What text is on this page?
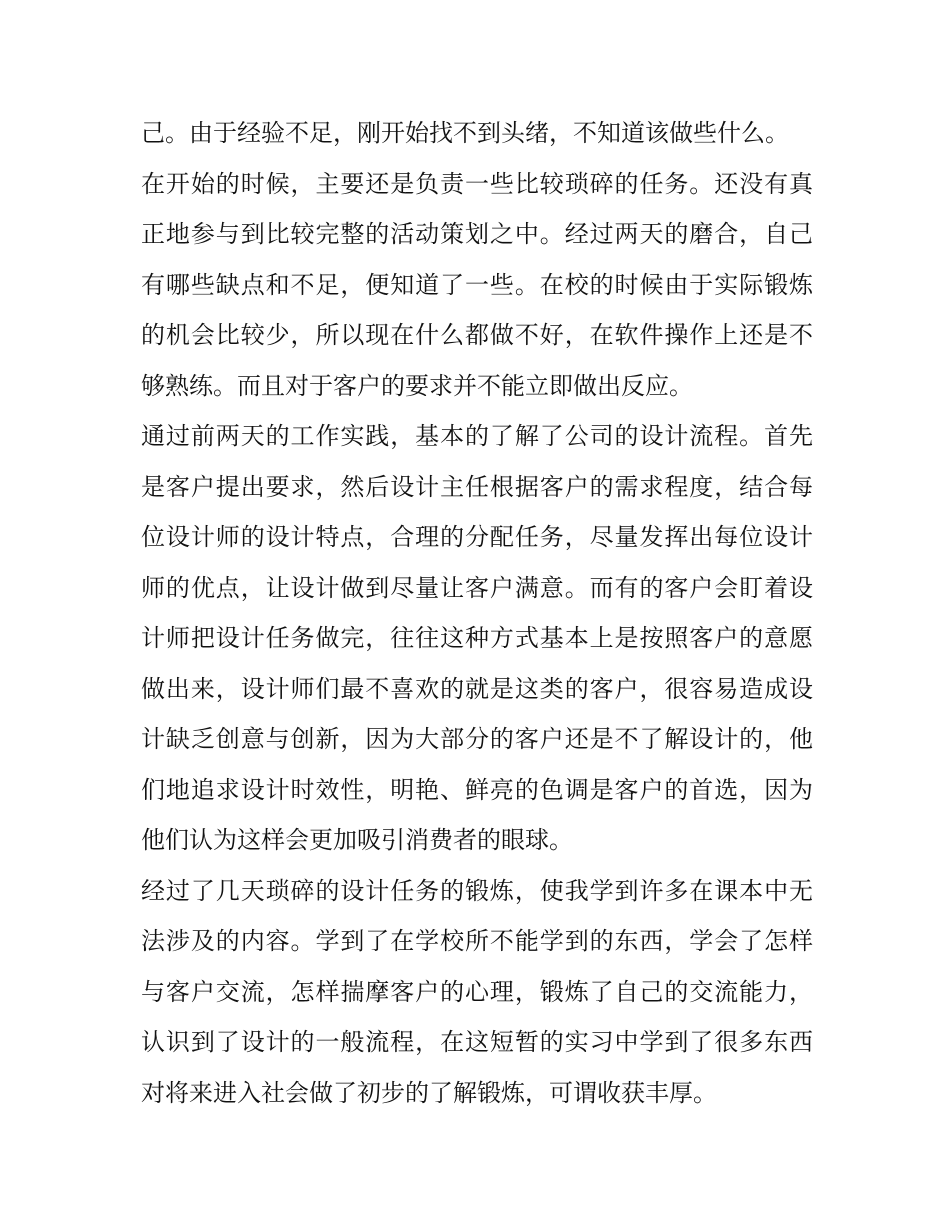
己。由于经验不足，刚开始找不到头绪，不知道该做些什么。
在开始的时候，主要还是负责一些比较琐碎的任务。还没有真
正地参与到比较完整的活动策划之中。经过两天的磨合，自己
有哪些缺点和不足，便知道了一些。在校的时候由于实际锻炼
的机会比较少，所以现在什么都做不好，在软件操作上还是不
够熟练。而且对于客户的要求并不能立即做出反应。
通过前两天的工作实践，基本的了解了公司的设计流程。首先
是客户提出要求，然后设计主任根据客户的需求程度，结合每
位设计师的设计特点，合理的分配任务，尽量发挥出每位设计
师的优点，让设计做到尽量让客户满意。而有的客户会盯着设
计师把设计任务做完，往往这种方式基本上是按照客户的意愿
做出来，设计师们最不喜欢的就是这类的客户，很容易造成设
计缺乏创意与创新，因为大部分的客户还是不了解设计的，他
们地追求设计时效性，明艳、鲜亮的色调是客户的首选，因为
他们认为这样会更加吸引消费者的眼球。
经过了几天琐碎的设计任务的锻炼，使我学到许多在课本中无
法涉及的内容。学到了在学校所不能学到的东西，学会了怎样
与客户交流，怎样揣摩客户的心理，锻炼了自己的交流能力，
认识到了设计的一般流程，在这短暂的实习中学到了很多东西
对将来进入社会做了初步的了解锻炼，可谓收获丰厚。
